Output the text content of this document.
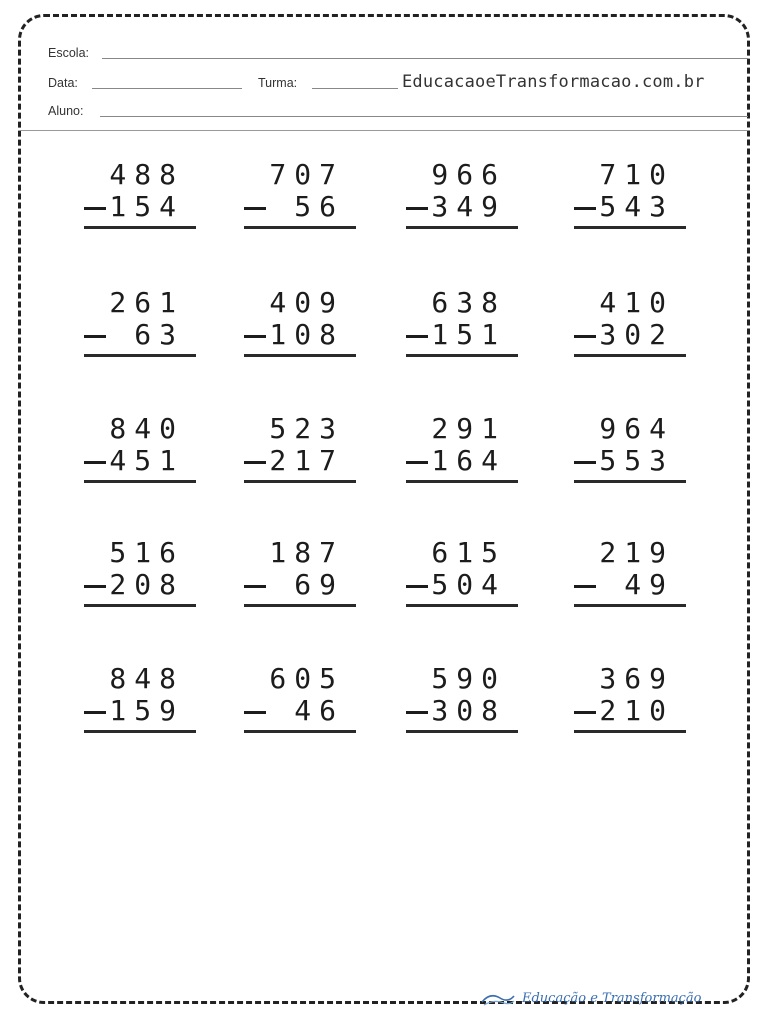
Escola:
Data:	Turma:	EducacaoeTransformacao.com.br
Aluno:
488
154
707
56
966
349
710
543
261
63
409
108
638
151
410
302
840
451
523
217
291
164
964
553
516
208
187
69
615
504
219
49
848
159
605
46
590
308
369
210
Educação e Transformação
